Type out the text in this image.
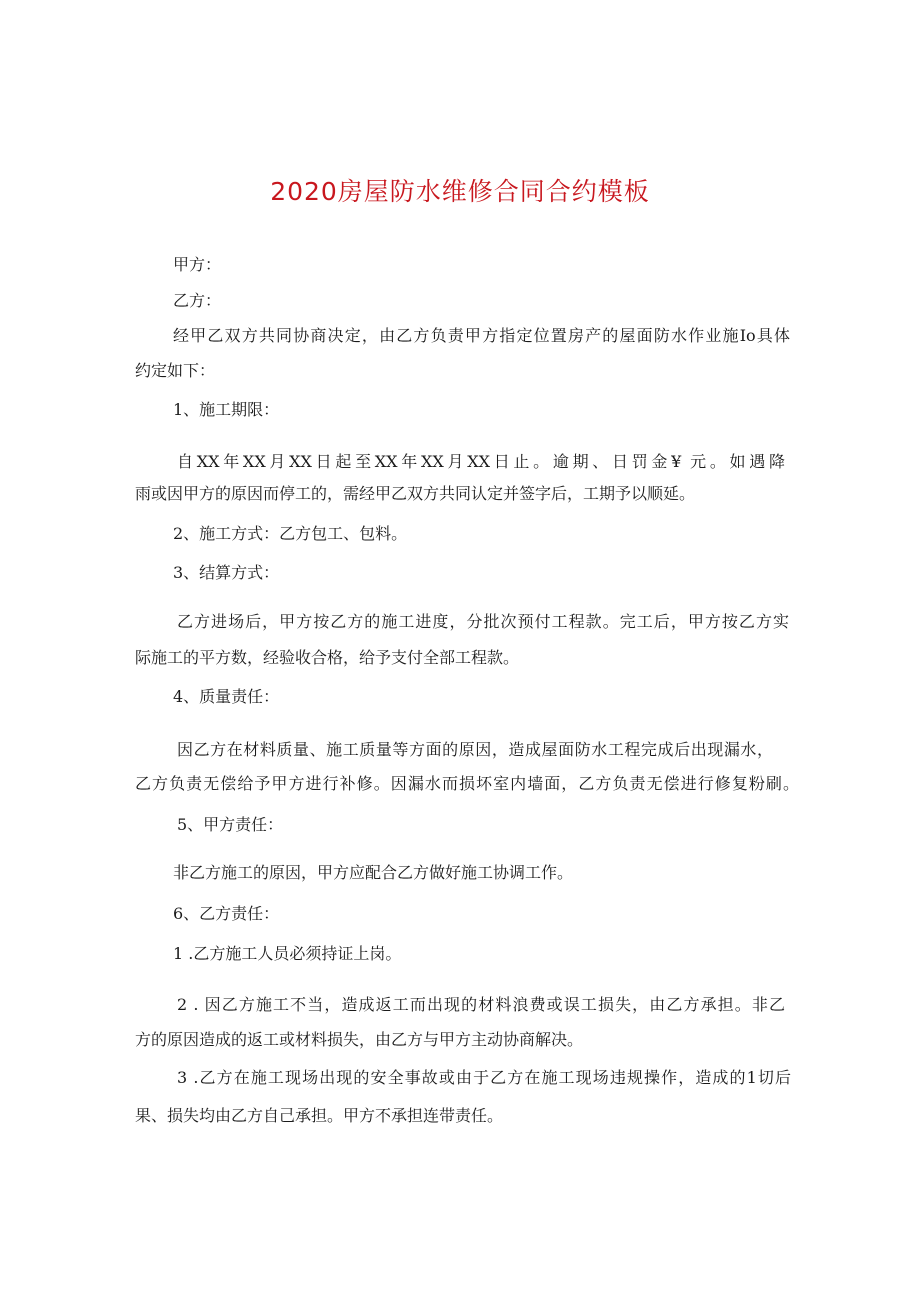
2020房屋防水维修合同合约模板

甲方：

乙方：

经甲乙双方共同协商决定，由乙方负责甲方指定位置房产的屋面防水作业施Io具体

约定如下：

1、施工期限：

自XX年XX月XX日起至XX年XX月XX日止。逾期、日罚金¥ 元。如遇降

雨或因甲方的原因而停工的，需经甲乙双方共同认定并签字后，工期予以顺延。

2、施工方式：乙方包工、包料。

3、结算方式：

乙方进场后，甲方按乙方的施工进度，分批次预付工程款。完工后，甲方按乙方实

际施工的平方数，经验收合格，给予支付全部工程款。

4、质量责任：

因乙方在材料质量、施工质量等方面的原因，造成屋面防水工程完成后出现漏水，

乙方负责无偿给予甲方进行补修。因漏水而损坏室内墙面，乙方负责无偿进行修复粉刷。

5、甲方责任：

非乙方施工的原因，甲方应配合乙方做好施工协调工作。

6、乙方责任：

1 .乙方施工人员必须持证上岗。

2 . 因乙方施工不当，造成返工而出现的材料浪费或误工损失，由乙方承担。非乙

方的原因造成的返工或材料损失，由乙方与甲方主动协商解决。

3 .乙方在施工现场出现的安全事故或由于乙方在施工现场违规操作，造成的1切后

果、损失均由乙方自己承担。甲方不承担连带责任。
